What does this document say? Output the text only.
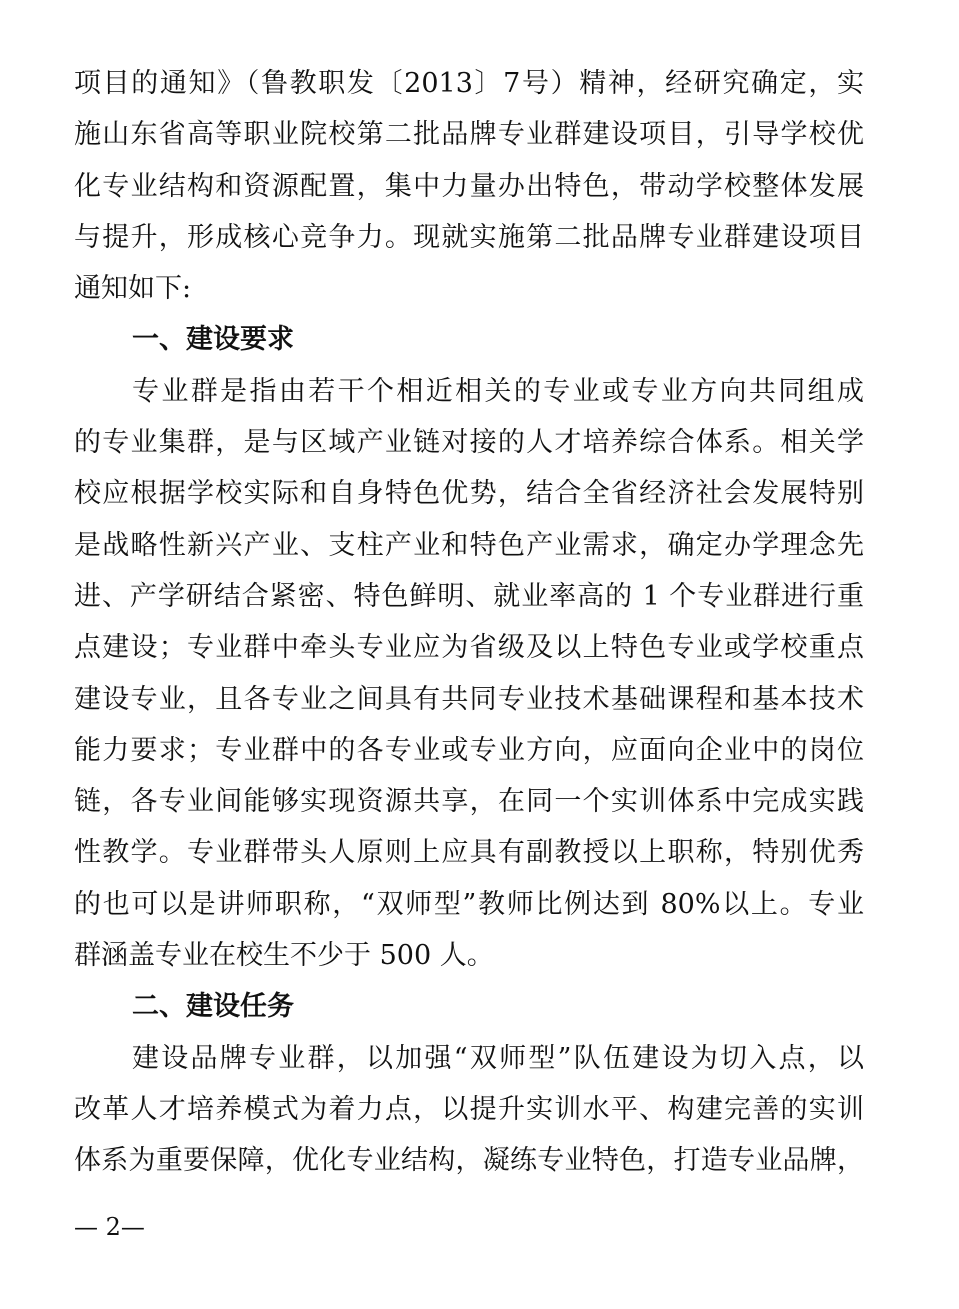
项目的通知》（鲁教职发〔2013〕7号）精神，经研究确定，实
施山东省高等职业院校第二批品牌专业群建设项目，引导学校优
化专业结构和资源配置，集中力量办出特色，带动学校整体发展
与提升，形成核心竞争力。现就实施第二批品牌专业群建设项目
通知如下:
一、建设要求
专业群是指由若干个相近相关的专业或专业方向共同组成
的专业集群，是与区域产业链对接的人才培养综合体系。相关学
校应根据学校实际和自身特色优势，结合全省经济社会发展特别
是战略性新兴产业、支柱产业和特色产业需求，确定办学理念先
进、产学研结合紧密、特色鲜明、就业率高的 1 个专业群进行重
点建设；专业群中牵头专业应为省级及以上特色专业或学校重点
建设专业，且各专业之间具有共同专业技术基础课程和基本技术
能力要求；专业群中的各专业或专业方向，应面向企业中的岗位
链，各专业间能够实现资源共享，在同一个实训体系中完成实践
性教学。专业群带头人原则上应具有副教授以上职称，特别优秀
的也可以是讲师职称，“双师型”教师比例达到 80%以上。专业
群涵盖专业在校生不少于 500 人。
二、建设任务
建设品牌专业群，以加强“双师型”队伍建设为切入点，以
改革人才培养模式为着力点，以提升实训水平、构建完善的实训
体系为重要保障，优化专业结构，凝练专业特色，打造专业品牌，
— 2—
